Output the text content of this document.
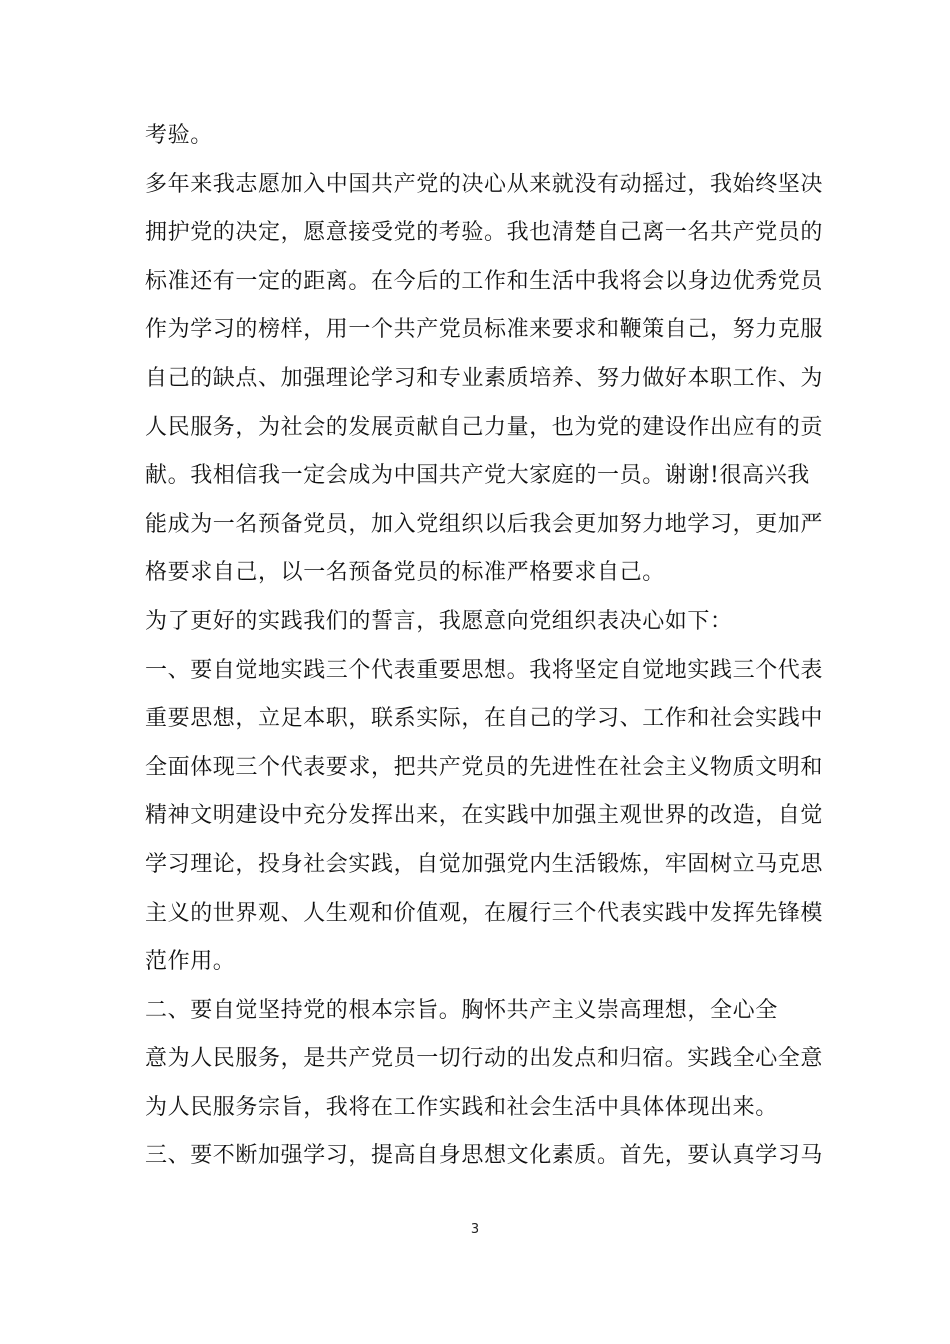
考验。
多年来我志愿加入中国共产党的决心从来就没有动摇过，我始终坚决
拥护党的决定，愿意接受党的考验。我也清楚自己离一名共产党员的
标准还有一定的距离。在今后的工作和生活中我将会以身边优秀党员
作为学习的榜样，用一个共产党员标准来要求和鞭策自己，努力克服
自己的缺点、加强理论学习和专业素质培养、努力做好本职工作、为
人民服务，为社会的发展贡献自己力量，也为党的建设作出应有的贡
献。我相信我一定会成为中国共产党大家庭的一员。谢谢!很高兴我
能成为一名预备党员，加入党组织以后我会更加努力地学习，更加严
格要求自己，以一名预备党员的标准严格要求自己。
为了更好的实践我们的誓言，我愿意向党组织表决心如下：
一、要自觉地实践三个代表重要思想。我将坚定自觉地实践三个代表
重要思想，立足本职，联系实际，在自己的学习、工作和社会实践中
全面体现三个代表要求，把共产党员的先进性在社会主义物质文明和
精神文明建设中充分发挥出来，在实践中加强主观世界的改造，自觉
学习理论，投身社会实践，自觉加强党内生活锻炼，牢固树立马克思
主义的世界观、人生观和价值观，在履行三个代表实践中发挥先锋模
范作用。
二、要自觉坚持党的根本宗旨。胸怀共产主义崇高理想，全心全
意为人民服务，是共产党员一切行动的出发点和归宿。实践全心全意
为人民服务宗旨，我将在工作实践和社会生活中具体体现出来。
三、要不断加强学习，提高自身思想文化素质。首先，要认真学习马
3
